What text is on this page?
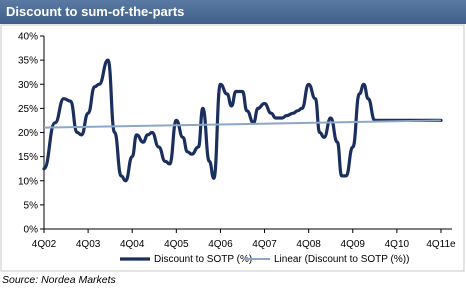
Discount to sum-of-the-parts
0%
5%
10%
15%
20%
25%
30%
35%
40%
4Q02 4Q03 4Q04 4Q05 4Q06 4Q07 4Q08 4Q09 4Q10 4Q11e
Discount to SOTP (%) Linear (Discount to SOTP (%))
Source: Nordea Markets
